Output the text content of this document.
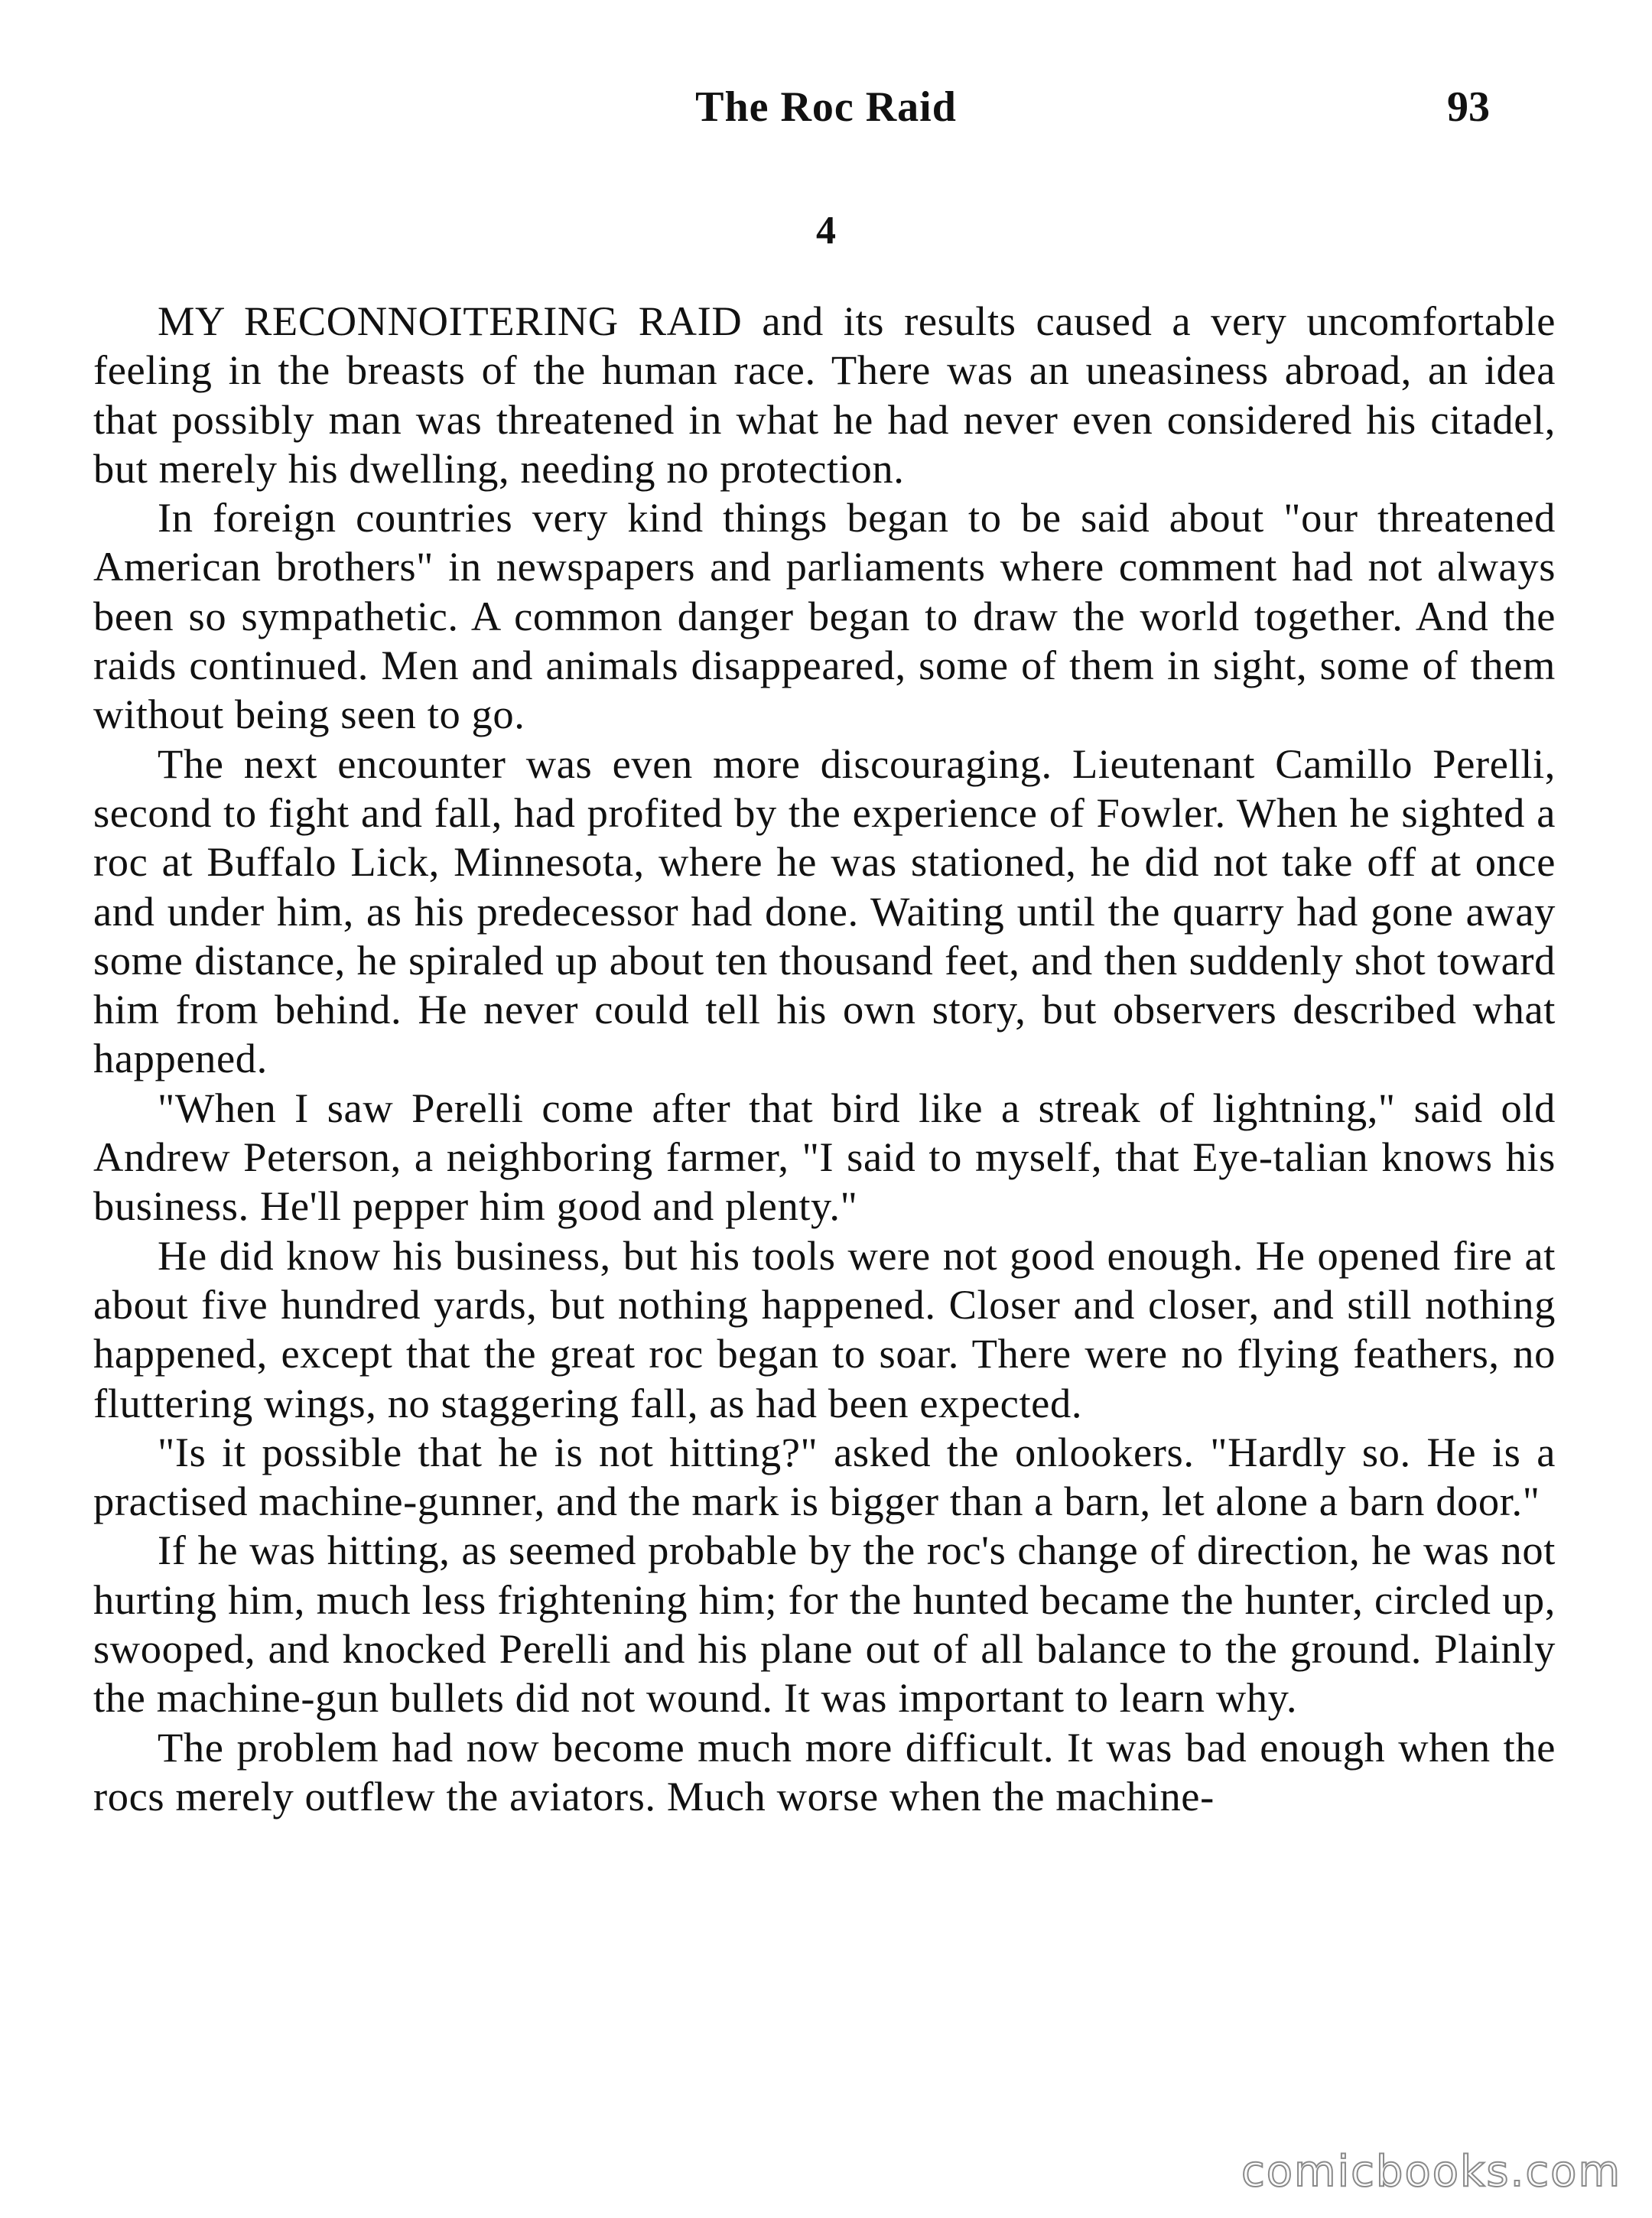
The Roc Raid	93
4

MY RECONNOITERING RAID and its results caused a very uncomfortable feeling in the breasts of the human race. There was an uneasiness abroad, an idea that possibly man was threatened in what he had never even considered his citadel, but merely his dwelling, needing no protection.

In foreign countries very kind things began to be said about "our threatened American brothers" in newspapers and parliaments where comment had not always been so sympathetic. A common danger began to draw the world together. And the raids continued. Men and animals disappeared, some of them in sight, some of them without being seen to go.

The next encounter was even more discouraging. Lieutenant Camillo Perelli, second to fight and fall, had profited by the experience of Fowler. When he sighted a roc at Buffalo Lick, Minnesota, where he was stationed, he did not take off at once and under him, as his predecessor had done. Waiting until the quarry had gone away some distance, he spiraled up about ten thousand feet, and then suddenly shot toward him from behind. He never could tell his own story, but observers described what happened.

"When I saw Perelli come after that bird like a streak of lightning," said old Andrew Peterson, a neighboring farmer, "I said to myself, that Eye-talian knows his business. He'll pepper him good and plenty."

He did know his business, but his tools were not good enough. He opened fire at about five hundred yards, but nothing happened. Closer and closer, and still nothing happened, except that the great roc began to soar. There were no flying feathers, no fluttering wings, no staggering fall, as had been expected.

"Is it possible that he is not hitting?" asked the onlookers. "Hardly so. He is a practised machine-gunner, and the mark is bigger than a barn, let alone a barn door."

If he was hitting, as seemed probable by the roc's change of direction, he was not hurting him, much less frightening him; for the hunted became the hunter, circled up, swooped, and knocked Perelli and his plane out of all balance to the ground. Plainly the machine-gun bullets did not wound. It was important to learn why.

The problem had now become much more difficult. It was bad enough when the rocs merely outflew the aviators. Much worse when the machine-

comicbooks.com
